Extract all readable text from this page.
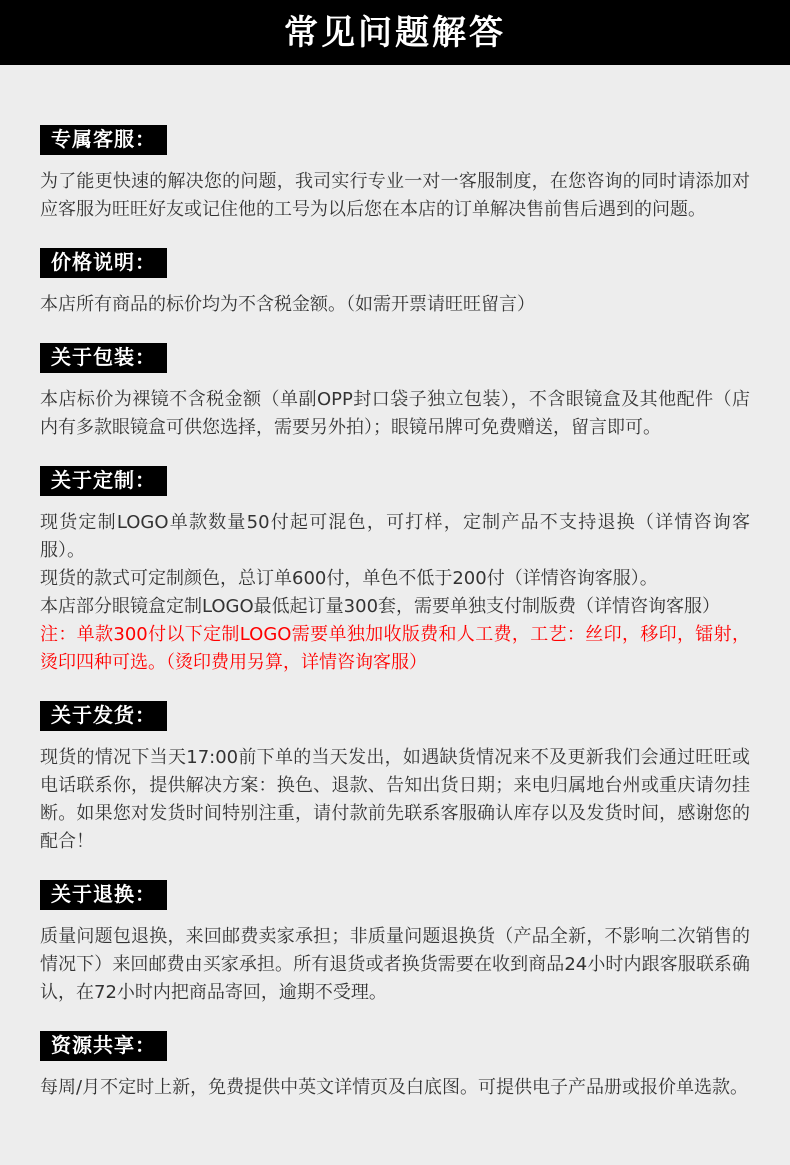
常见问题解答
专属客服：

为了能更快速的解决您的问题，我司实行专业一对一客服制度，在您咨询的同时请添加对应客服为旺旺好友或记住他的工号为以后您在本店的订单解决售前售后遇到的问题。

价格说明：

本店所有商品的标价均为不含税金额。（如需开票请旺旺留言）

关于包装：

本店标价为裸镜不含税金额（单副OPP封口袋子独立包装），不含眼镜盒及其他配件（店内有多款眼镜盒可供您选择，需要另外拍）；眼镜吊牌可免费赠送，留言即可。

关于定制：

现货定制LOGO单款数量50付起可混色，可打样，定制产品不支持退换（详情咨询客服）。

现货的款式可定制颜色，总订单600付，单色不低于200付（详情咨询客服）。

本店部分眼镜盒定制LOGO最低起订量300套，需要单独支付制版费（详情咨询客服）

注：单款300付以下定制LOGO需要单独加收版费和人工费，工艺：丝印，移印，镭射，烫印四种可选。（烫印费用另算，详情咨询客服）

关于发货：

现货的情况下当天17:00前下单的当天发出，如遇缺货情况来不及更新我们会通过旺旺或电话联系你，提供解决方案：换色、退款、告知出货日期；来电归属地台州或重庆请勿挂断。如果您对发货时间特别注重，请付款前先联系客服确认库存以及发货时间，感谢您的配合！

关于退换：

质量问题包退换，来回邮费卖家承担；非质量问题退换货（产品全新，不影响二次销售的情况下）来回邮费由买家承担。所有退货或者换货需要在收到商品24小时内跟客服联系确认，在72小时内把商品寄回，逾期不受理。

资源共享：

每周/月不定时上新，免费提供中英文详情页及白底图。可提供电子产品册或报价单选款。
